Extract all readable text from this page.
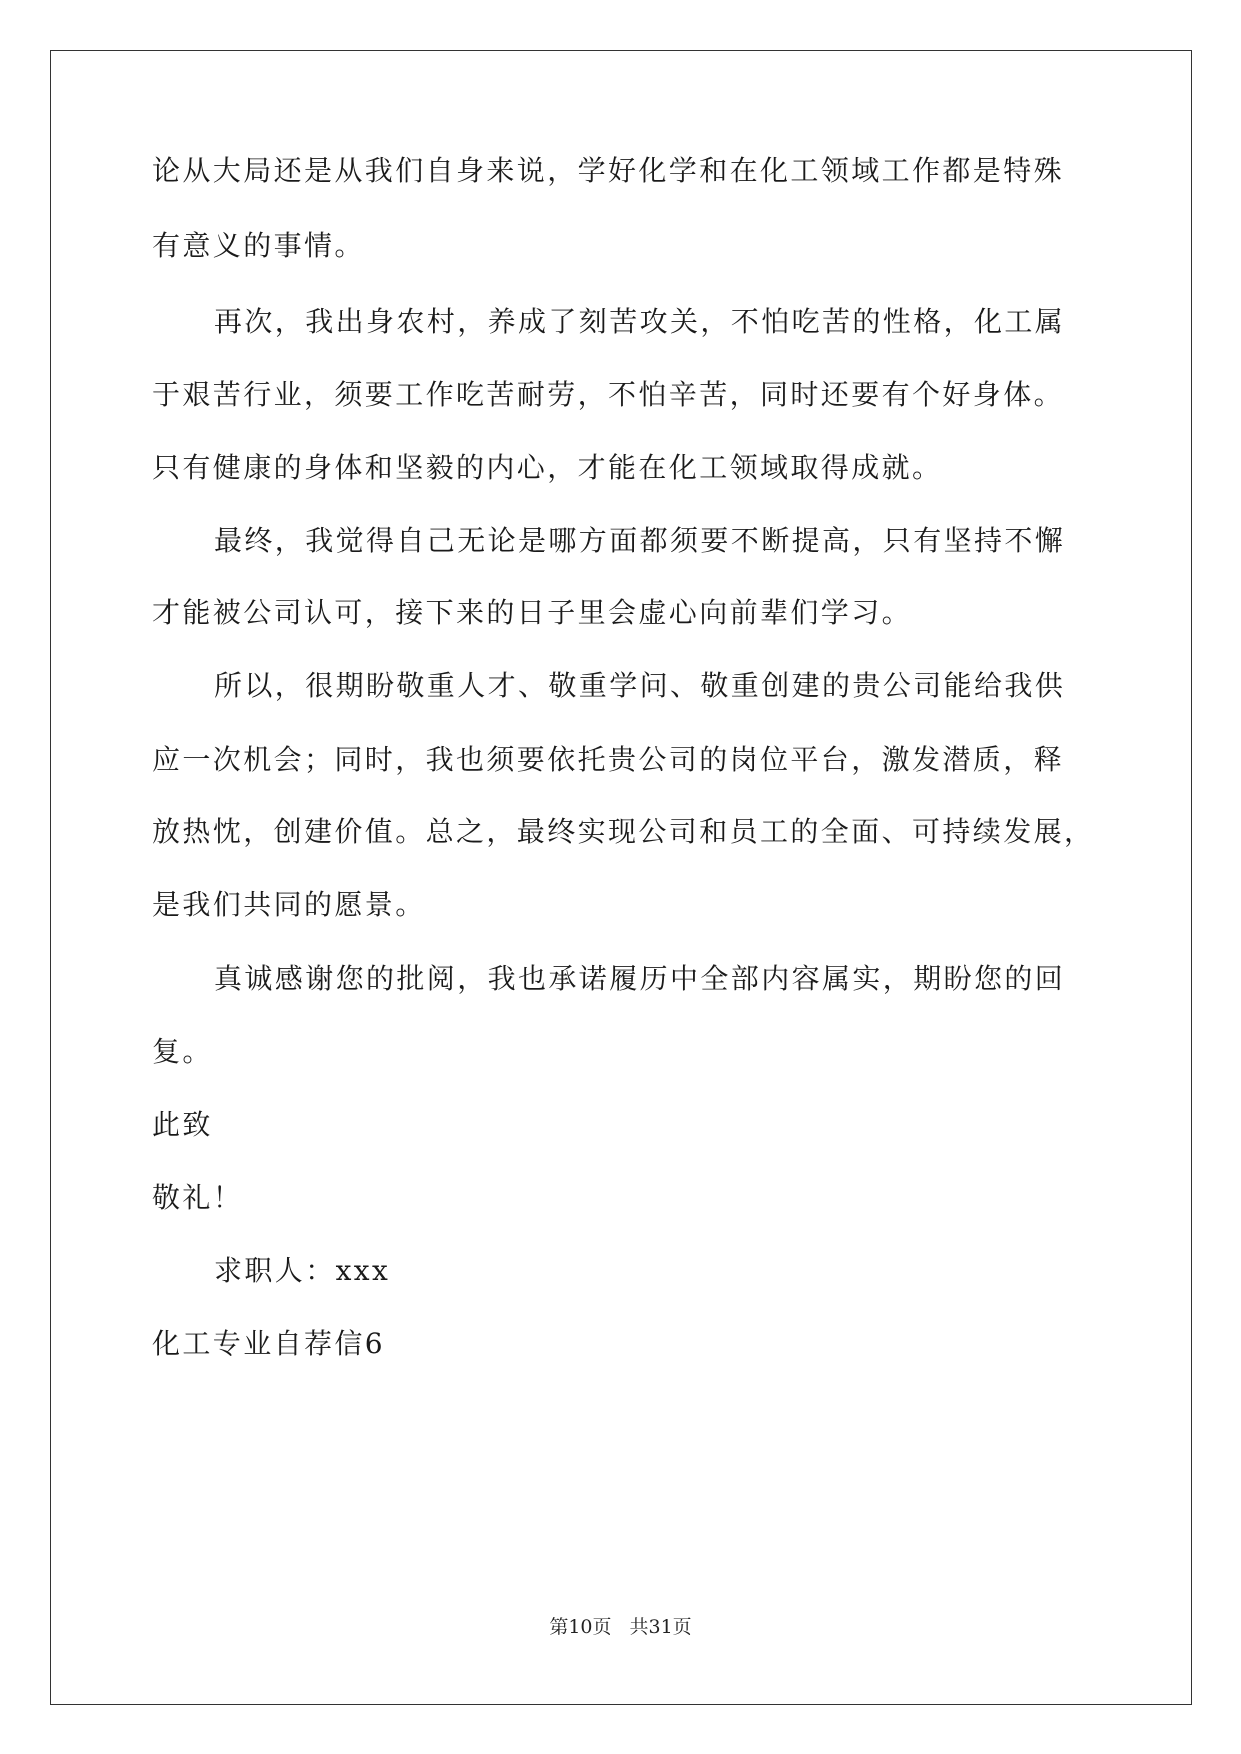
论从大局还是从我们自身来说，学好化学和在化工领域工作都是特殊
有意义的事情。
再次，我出身农村，养成了刻苦攻关，不怕吃苦的性格，化工属
于艰苦行业，须要工作吃苦耐劳，不怕辛苦，同时还要有个好身体。
只有健康的身体和坚毅的内心，才能在化工领域取得成就。
最终，我觉得自己无论是哪方面都须要不断提高，只有坚持不懈
才能被公司认可，接下来的日子里会虚心向前辈们学习。
所以，很期盼敬重人才、敬重学问、敬重创建的贵公司能给我供
应一次机会；同时，我也须要依托贵公司的岗位平台，激发潜质，释
放热忱，创建价值。总之，最终实现公司和员工的全面、可持续发展，
是我们共同的愿景。
真诚感谢您的批阅，我也承诺履历中全部内容属实，期盼您的回
复。
此致
敬礼！
求职人：xxx
化工专业自荐信6
第10页 共31页
